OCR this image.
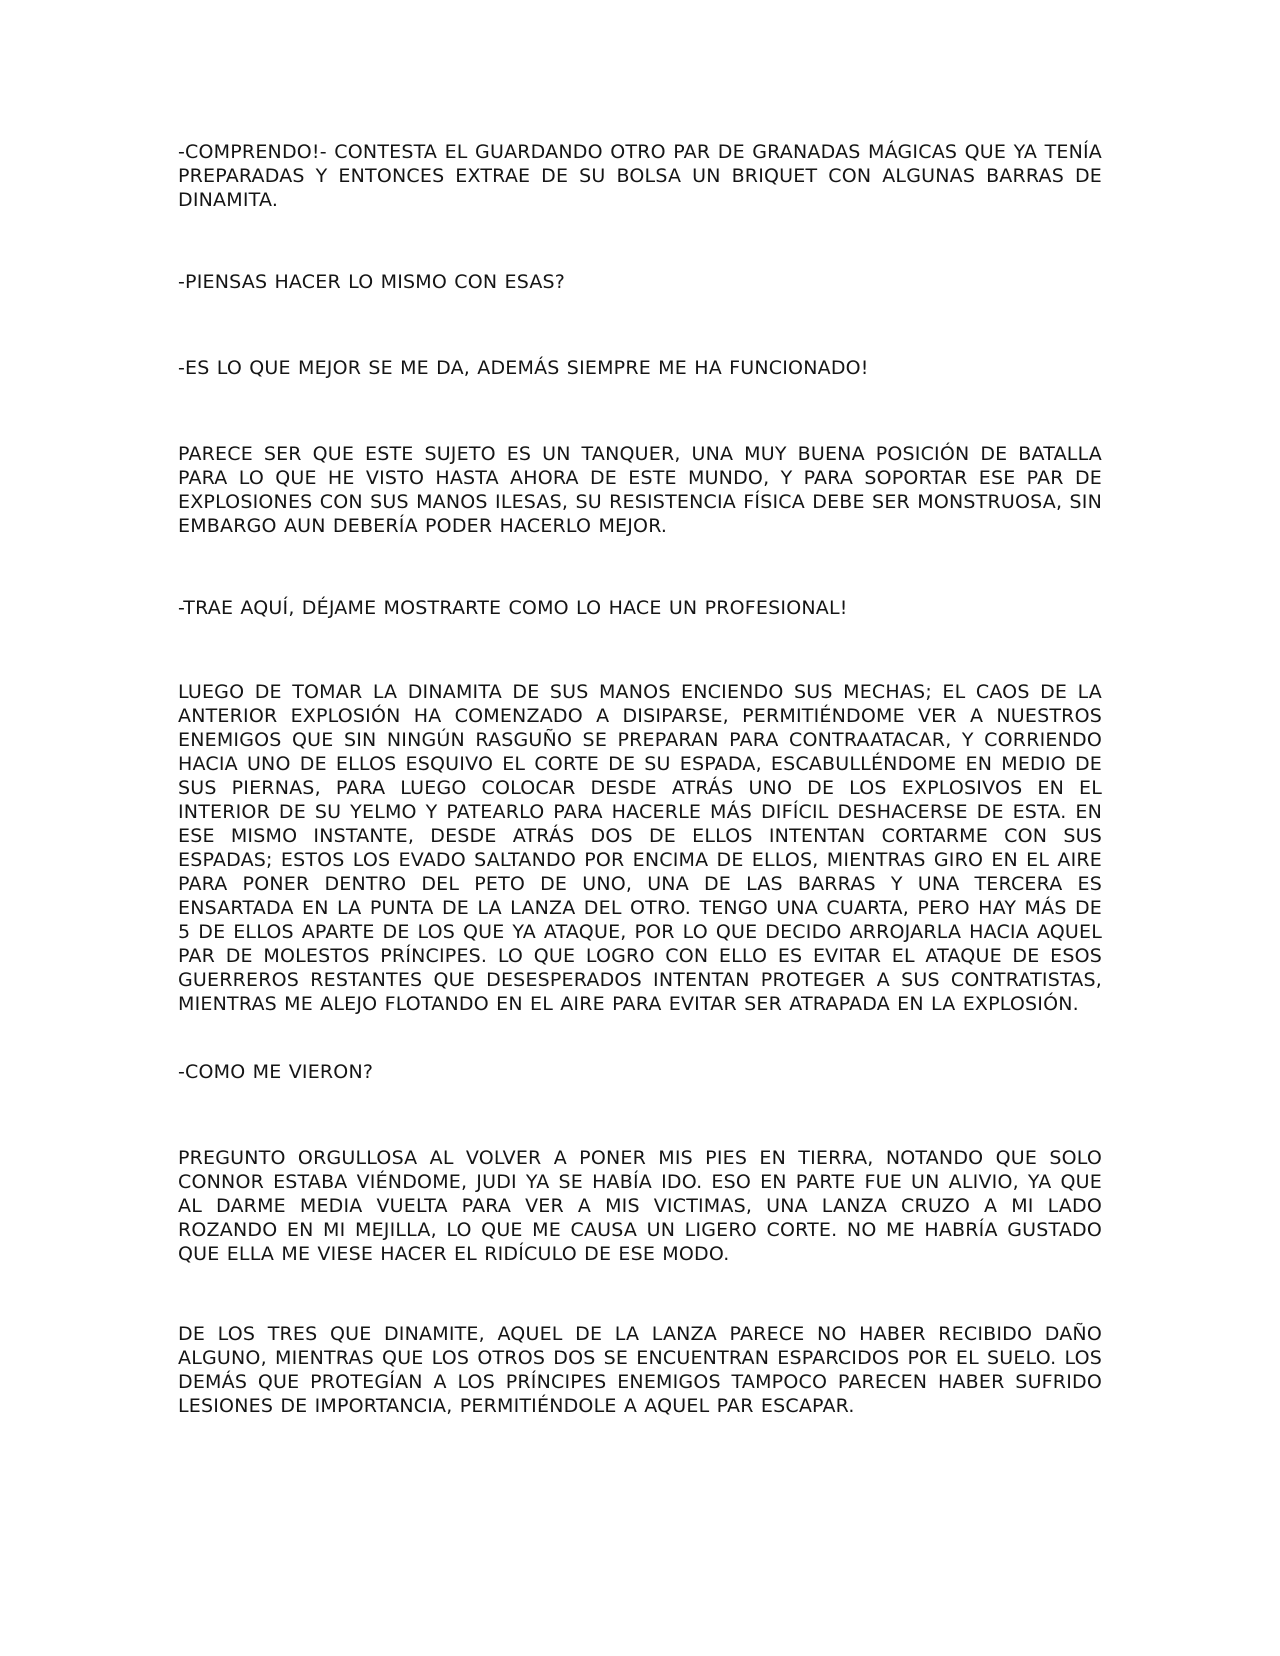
-COMPRENDO!- CONTESTA EL GUARDANDO OTRO PAR DE GRANADAS MÁGICAS QUE YA TENÍA PREPARADAS Y ENTONCES EXTRAE DE SU BOLSA UN BRIQUET CON ALGUNAS BARRAS DE DINAMITA.

-PIENSAS HACER LO MISMO CON ESAS?

-ES LO QUE MEJOR SE ME DA, ADEMÁS SIEMPRE ME HA FUNCIONADO!

PARECE SER QUE ESTE SUJETO ES UN TANQUER, UNA MUY BUENA POSICIÓN DE BATALLA PARA LO QUE HE VISTO HASTA AHORA DE ESTE MUNDO, Y PARA SOPORTAR ESE PAR DE EXPLOSIONES CON SUS MANOS ILESAS, SU RESISTENCIA FÍSICA DEBE SER MONSTRUOSA, SIN EMBARGO AUN DEBERÍA PODER HACERLO MEJOR.

-TRAE AQUÍ, DÉJAME MOSTRARTE COMO LO HACE UN PROFESIONAL!

LUEGO DE TOMAR LA DINAMITA DE SUS MANOS ENCIENDO SUS MECHAS; EL CAOS DE LA ANTERIOR EXPLOSIÓN HA COMENZADO A DISIPARSE, PERMITIÉNDOME VER A NUESTROS ENEMIGOS QUE SIN NINGÚN RASGUÑO SE PREPARAN PARA CONTRAATACAR, Y CORRIENDO HACIA UNO DE ELLOS ESQUIVO EL CORTE DE SU ESPADA, ESCABULLÉNDOME EN MEDIO DE SUS PIERNAS, PARA LUEGO COLOCAR DESDE ATRÁS UNO DE LOS EXPLOSIVOS EN EL INTERIOR DE SU YELMO Y PATEARLO PARA HACERLE MÁS DIFÍCIL DESHACERSE DE ESTA. EN ESE MISMO INSTANTE, DESDE ATRÁS DOS DE ELLOS INTENTAN CORTARME CON SUS ESPADAS; ESTOS LOS EVADO SALTANDO POR ENCIMA DE ELLOS, MIENTRAS GIRO EN EL AIRE PARA PONER DENTRO DEL PETO DE UNO, UNA DE LAS BARRAS Y UNA TERCERA ES ENSARTADA EN LA PUNTA DE LA LANZA DEL OTRO. TENGO UNA CUARTA, PERO HAY MÁS DE 5 DE ELLOS APARTE DE LOS QUE YA ATAQUE, POR LO QUE DECIDO ARROJARLA HACIA AQUEL PAR DE MOLESTOS PRÍNCIPES. LO QUE LOGRO CON ELLO ES EVITAR EL ATAQUE DE ESOS GUERREROS RESTANTES QUE DESESPERADOS INTENTAN PROTEGER A SUS CONTRATISTAS, MIENTRAS ME ALEJO FLOTANDO EN EL AIRE PARA EVITAR SER ATRAPADA EN LA EXPLOSIÓN.

-COMO ME VIERON?

PREGUNTO ORGULLOSA AL VOLVER A PONER MIS PIES EN TIERRA, NOTANDO QUE SOLO CONNOR ESTABA VIÉNDOME, JUDI YA SE HABÍA IDO. ESO EN PARTE FUE UN ALIVIO, YA QUE AL DARME MEDIA VUELTA PARA VER A MIS VICTIMAS, UNA LANZA CRUZO A MI LADO ROZANDO EN MI MEJILLA, LO QUE ME CAUSA UN LIGERO CORTE. NO ME HABRÍA GUSTADO QUE ELLA ME VIESE HACER EL RIDÍCULO DE ESE MODO.

DE LOS TRES QUE DINAMITE, AQUEL DE LA LANZA PARECE NO HABER RECIBIDO DAÑO ALGUNO, MIENTRAS QUE LOS OTROS DOS SE ENCUENTRAN ESPARCIDOS POR EL SUELO. LOS DEMÁS QUE PROTEGÍAN A LOS PRÍNCIPES ENEMIGOS TAMPOCO PARECEN HABER SUFRIDO LESIONES DE IMPORTANCIA, PERMITIÉNDOLE A AQUEL PAR ESCAPAR.
